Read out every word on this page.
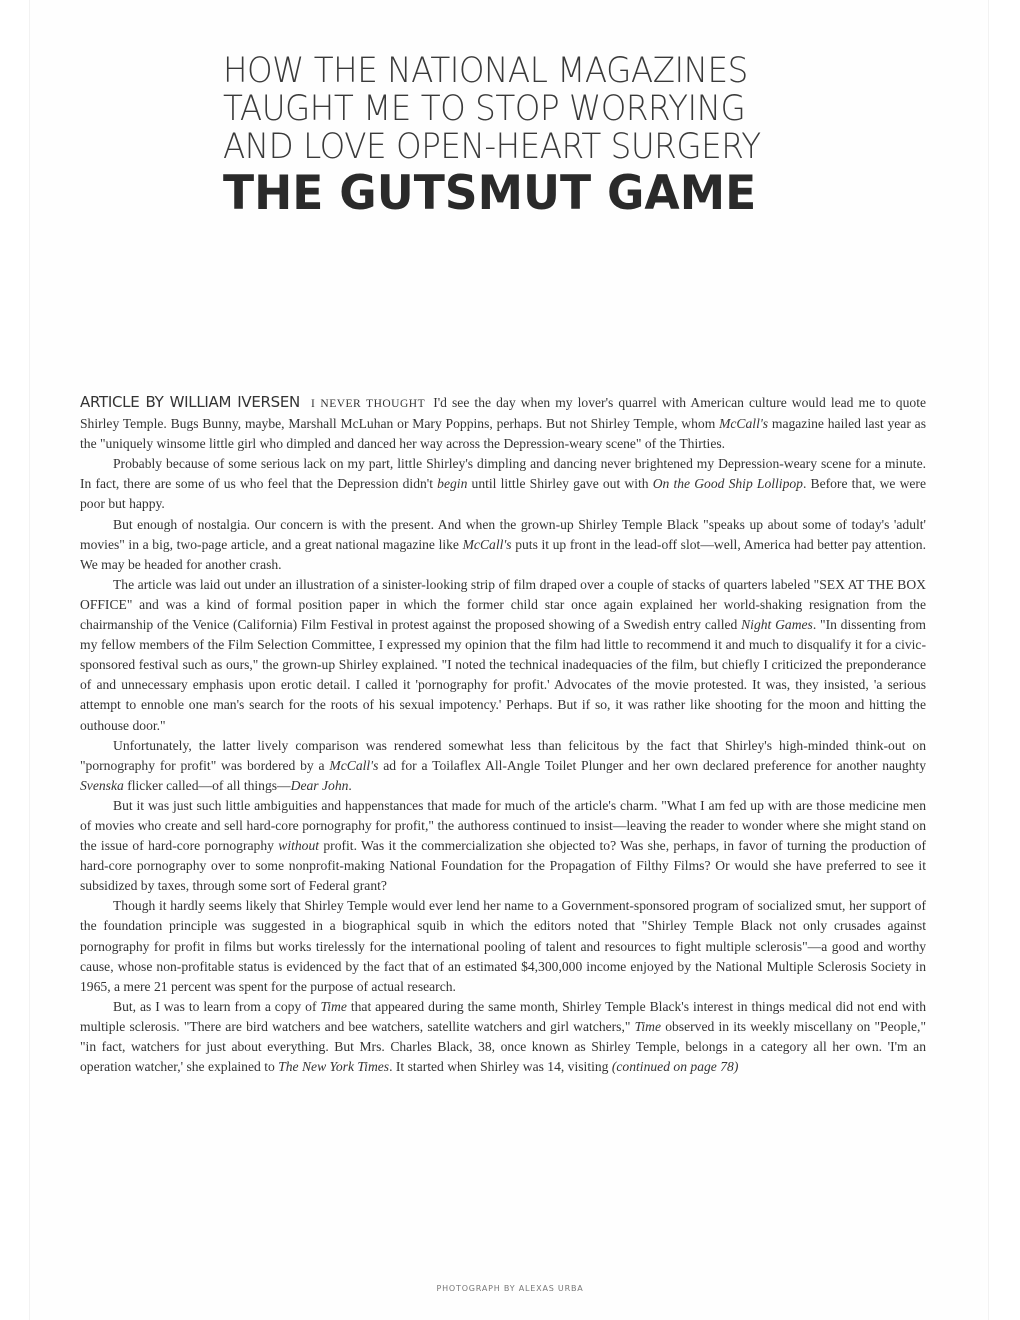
HOW THE NATIONAL MAGAZINES
TAUGHT ME TO STOP WORRYING
AND LOVE OPEN-HEART SURGERY
THE GUTSMUT GAME

ARTICLE BY WILLIAM IVERSEN I NEVER THOUGHT I'd see the day when my lover's quarrel with American culture would lead me to quote Shirley Temple. Bugs Bunny, maybe, Marshall McLuhan or Mary Poppins, perhaps. But not Shirley Temple, whom McCall's magazine hailed last year as the "uniquely winsome little girl who dimpled and danced her way across the Depression-weary scene" of the Thirties.

Probably because of some serious lack on my part, little Shirley's dimpling and dancing never brightened my Depression-weary scene for a minute. In fact, there are some of us who feel that the Depression didn't begin until little Shirley gave out with On the Good Ship Lollipop. Before that, we were poor but happy.

But enough of nostalgia. Our concern is with the present. And when the grown-up Shirley Temple Black "speaks up about some of today's 'adult' movies" in a big, two-page article, and a great national magazine like McCall's puts it up front in the lead-off slot—well, America had better pay attention. We may be headed for another crash.

The article was laid out under an illustration of a sinister-looking strip of film draped over a couple of stacks of quarters labeled "SEX AT THE BOX OFFICE" and was a kind of formal position paper in which the former child star once again explained her world-shaking resignation from the chairmanship of the Venice (California) Film Festival in protest against the proposed showing of a Swedish entry called Night Games. "In dissenting from my fellow members of the Film Selection Committee, I expressed my opinion that the film had little to recommend it and much to disqualify it for a civic-sponsored festival such as ours," the grown-up Shirley explained. "I noted the technical inadequacies of the film, but chiefly I criticized the preponderance of and unnecessary emphasis upon erotic detail. I called it 'pornography for profit.' Advocates of the movie protested. It was, they insisted, 'a serious attempt to ennoble one man's search for the roots of his sexual impotency.' Perhaps. But if so, it was rather like shooting for the moon and hitting the outhouse door."

Unfortunately, the latter lively comparison was rendered somewhat less than felicitous by the fact that Shirley's high-minded think-out on "pornography for profit" was bordered by a McCall's ad for a Toilaflex All-Angle Toilet Plunger and her own declared preference for another naughty Svenska flicker called—of all things—Dear John.

But it was just such little ambiguities and happenstances that made for much of the article's charm. "What I am fed up with are those medicine men of movies who create and sell hard-core pornography for profit," the authoress continued to insist—leaving the reader to wonder where she might stand on the issue of hard-core pornography without profit. Was it the commercialization she objected to? Was she, perhaps, in favor of turning the production of hard-core pornography over to some nonprofit-making National Foundation for the Propagation of Filthy Films? Or would she have preferred to see it subsidized by taxes, through some sort of Federal grant?

Though it hardly seems likely that Shirley Temple would ever lend her name to a Government-sponsored program of socialized smut, her support of the foundation principle was suggested in a biographical squib in which the editors noted that "Shirley Temple Black not only crusades against pornography for profit in films but works tirelessly for the international pooling of talent and resources to fight multiple sclerosis"—a good and worthy cause, whose non-profitable status is evidenced by the fact that of an estimated $4,300,000 income enjoyed by the National Multiple Sclerosis Society in 1965, a mere 21 percent was spent for the purpose of actual research.

But, as I was to learn from a copy of Time that appeared during the same month, Shirley Temple Black's interest in things medical did not end with multiple sclerosis. "There are bird watchers and bee watchers, satellite watchers and girl watchers," Time observed in its weekly miscellany on "People," "in fact, watchers for just about everything. But Mrs. Charles Black, 38, once known as Shirley Temple, belongs in a category all her own. 'I'm an operation watcher,' she explained to The New York Times. It started when Shirley was 14, visiting (continued on page 78)

PHOTOGRAPH BY ALEXAS URBA
